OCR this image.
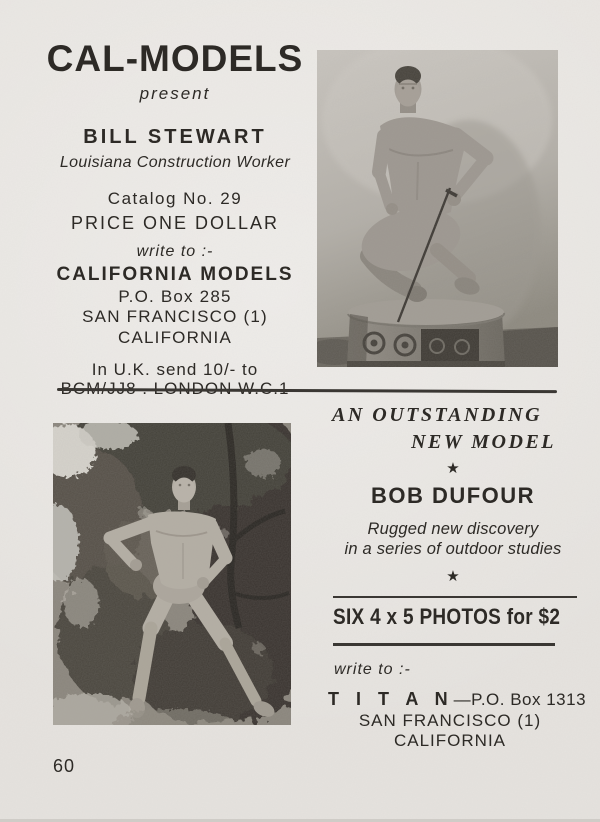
CAL-MODELS
present
BILL STEWART
Louisiana Construction Worker
Catalog No. 29
PRICE ONE DOLLAR
write to :-
CALIFORNIA MODELS
P.O. Box 285
SAN FRANCISCO (1)
CALIFORNIA
In U.K. send 10/- to
AN OUTSTANDING
NEW MODEL
★
BOB DUFOUR
Rugged new discovery
in a series of outdoor studies
★
SIX 4 x 5 PHOTOS for $2
write to :-
T I T A N—P.O. Box 1313
SAN FRANCISCO (1)
CALIFORNIA
60
